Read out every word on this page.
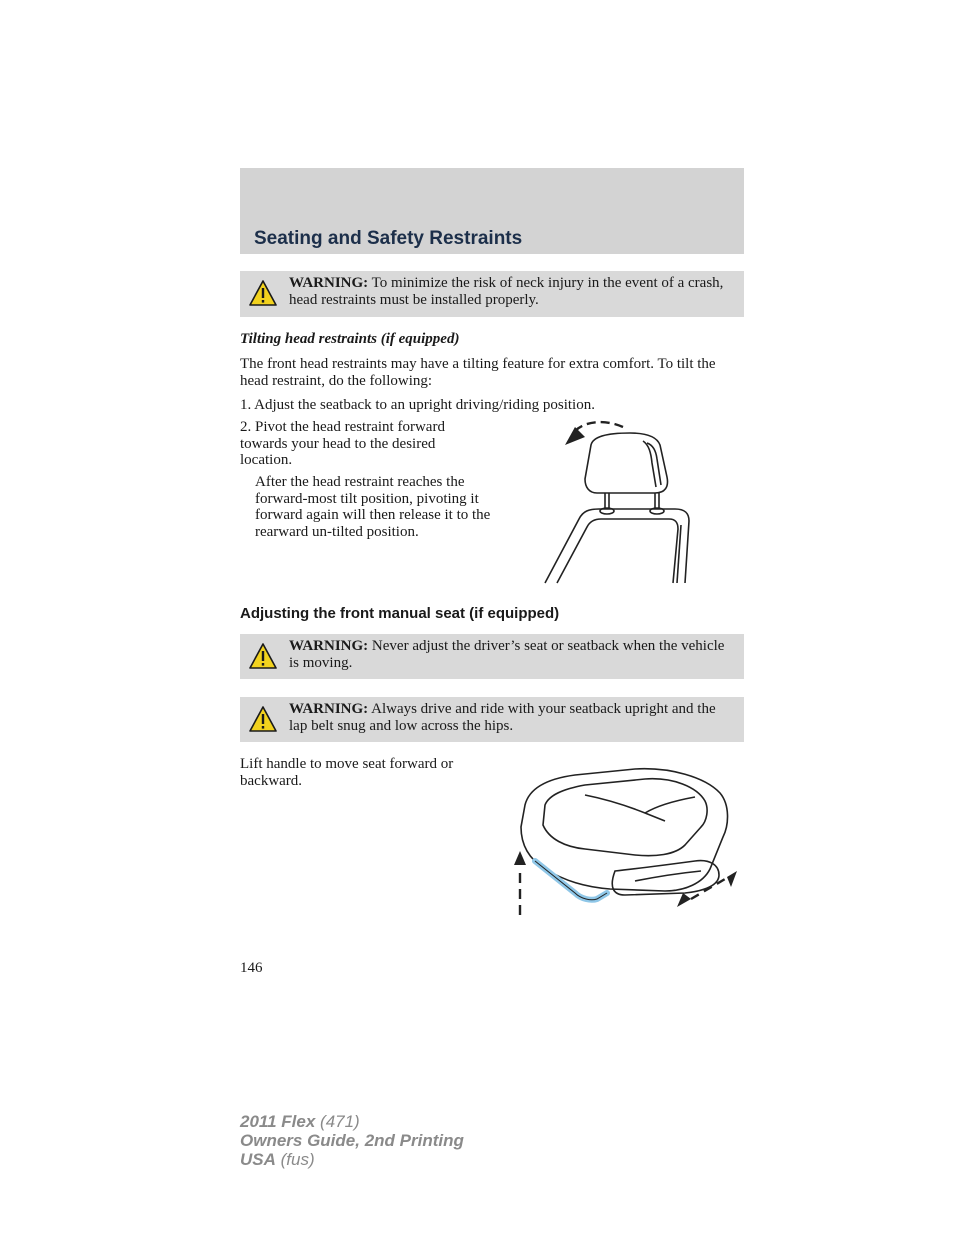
Seating and Safety Restraints
WARNING: To minimize the risk of neck injury in the event of a crash, head restraints must be installed properly.
Tilting head restraints (if equipped)

The front head restraints may have a tilting feature for extra comfort. To tilt the head restraint, do the following:

1. Adjust the seatback to an upright driving/riding position.

2. Pivot the head restraint forward towards your head to the desired location.

After the head restraint reaches the forward-most tilt position, pivoting it forward again will then release it to the rearward un-tilted position.

Adjusting the front manual seat (if equipped)
WARNING: Never adjust the driver’s seat or seatback when the vehicle is moving.
WARNING: Always drive and ride with your seatback upright and the lap belt snug and low across the hips.

Lift handle to move seat forward or backward.

146
2011 Flex (471)
Owners Guide, 2nd Printing
USA (fus)
